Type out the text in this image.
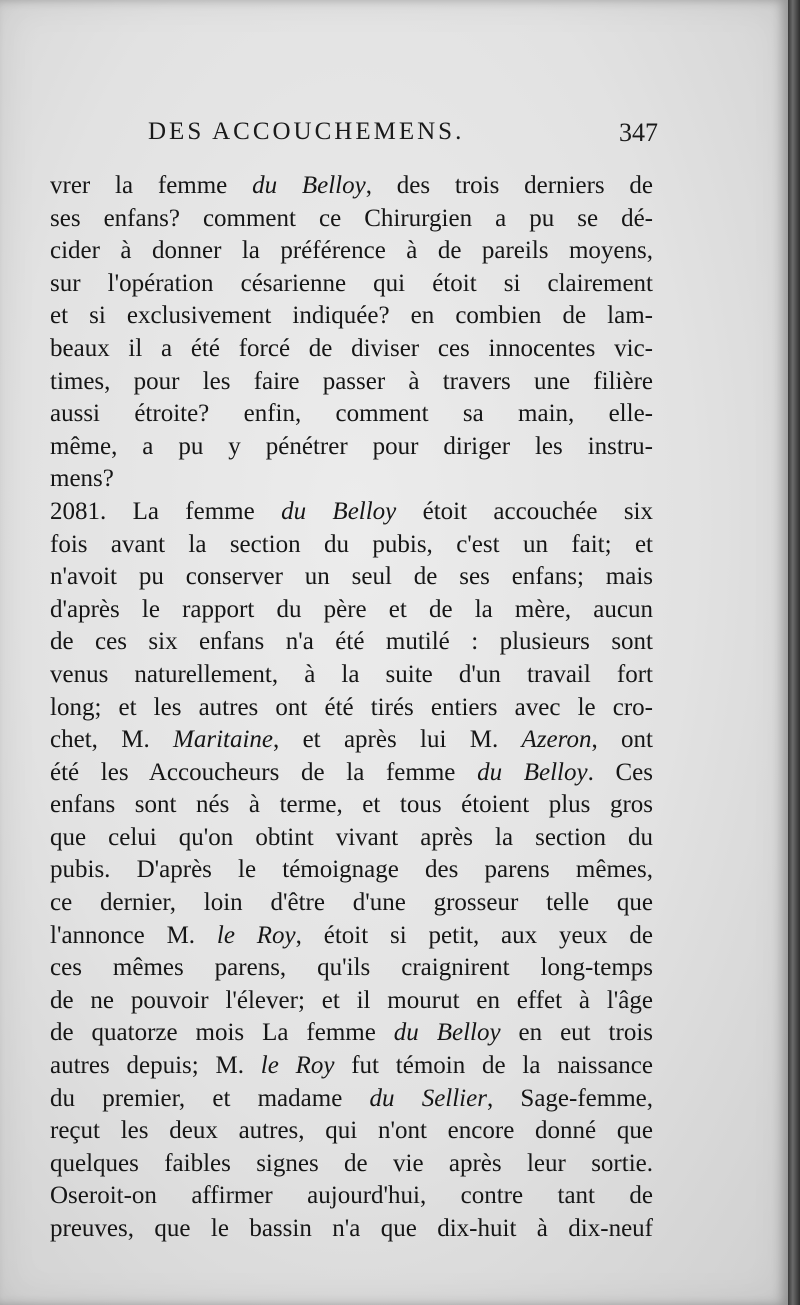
DES ACCOUCHEMENS.	347
vrer la femme du Belloy, des trois derniers de
ses enfans? comment ce Chirurgien a pu se dé-
cider à donner la préférence à de pareils moyens,
sur l'opération césarienne qui étoit si clairement
et si exclusivement indiquée? en combien de lam-
beaux il a été forcé de diviser ces innocentes vic-
times, pour les faire passer à travers une filière
aussi étroite? enfin, comment sa main, elle-
même, a pu y pénétrer pour diriger les instru-
mens?
2081. La femme du Belloy étoit accouchée six
fois avant la section du pubis, c'est un fait; et
n'avoit pu conserver un seul de ses enfans; mais
d'après le rapport du père et de la mère, aucun
de ces six enfans n'a été mutilé : plusieurs sont
venus naturellement, à la suite d'un travail fort
long; et les autres ont été tirés entiers avec le cro-
chet, M. Maritaine, et après lui M. Azeron, ont
été les Accoucheurs de la femme du Belloy. Ces
enfans sont nés à terme, et tous étoient plus gros
que celui qu'on obtint vivant après la section du
pubis. D'après le témoignage des parens mêmes,
ce dernier, loin d'être d'une grosseur telle que
l'annonce M. le Roy, étoit si petit, aux yeux de
ces mêmes parens, qu'ils craignirent long-temps
de ne pouvoir l'élever; et il mourut en effet à l'âge
de quatorze mois La femme du Belloy en eut trois
autres depuis; M. le Roy fut témoin de la naissance
du premier, et madame du Sellier, Sage-femme,
reçut les deux autres, qui n'ont encore donné que
quelques faibles signes de vie après leur sortie.
Oseroit-on affirmer aujourd'hui, contre tant de
preuves, que le bassin n'a que dix-huit à dix-neuf
